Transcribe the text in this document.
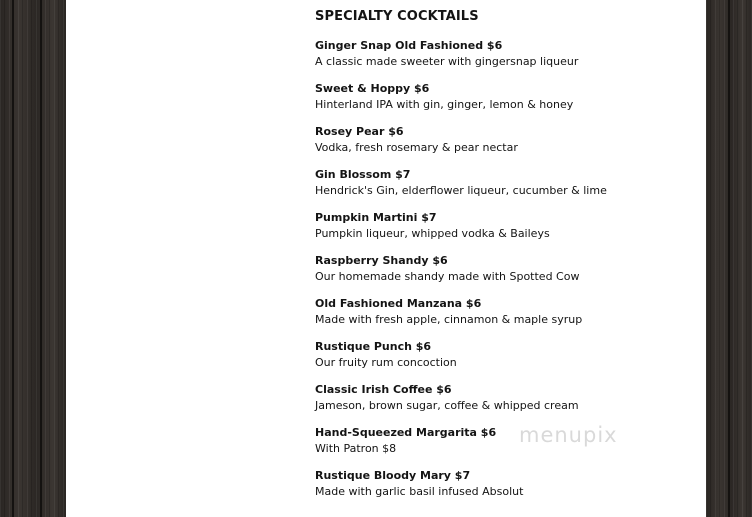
SPECIALTY COCKTAILS
Ginger Snap Old Fashioned $6
A classic made sweeter with gingersnap liqueur
Sweet & Hoppy $6
Hinterland IPA with gin, ginger, lemon & honey
Rosey Pear $6
Vodka, fresh rosemary & pear nectar
Gin Blossom $7
Hendrick's Gin, elderflower liqueur, cucumber & lime
Pumpkin Martini $7
Pumpkin liqueur, whipped vodka & Baileys
Raspberry Shandy $6
Our homemade shandy made with Spotted Cow
Old Fashioned Manzana $6
Made with fresh apple, cinnamon & maple syrup
Rustique Punch $6
Our fruity rum concoction
Classic Irish Coffee $6
Jameson, brown sugar, coffee & whipped cream
Hand-Squeezed Margarita $6
With Patron $8
Rustique Bloody Mary $7
Made with garlic basil infused Absolut
menupix
